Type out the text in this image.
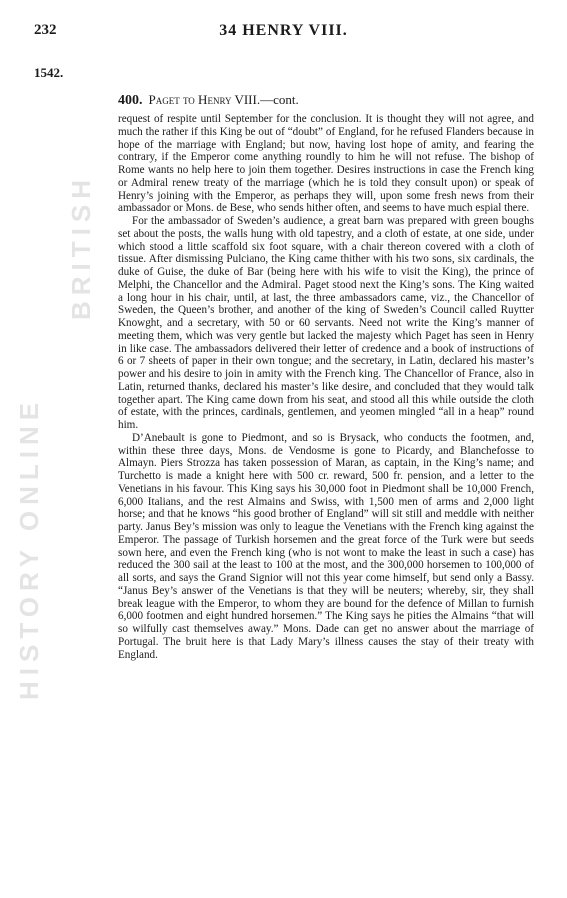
BRITISH
HISTORY ONLINE
232	34 HENRY VIII.
1542.
400. Paget to Henry VIII.—cont.

request of respite until September for the conclusion. It is thought they will not agree, and much the rather if this King be out of “doubt” of England, for he refused Flanders because in hope of the marriage with England; but now, having lost hope of amity, and fearing the contrary, if the Emperor come anything roundly to him he will not refuse. The bishop of Rome wants no help here to join them together. Desires instructions in case the French king or Admiral renew treaty of the marriage (which he is told they consult upon) or speak of Henry’s joining with the Emperor, as perhaps they will, upon some fresh news from their ambassador or Mons. de Bese, who sends hither often, and seems to have much espial there.

For the ambassador of Sweden’s audience, a great barn was prepared with green boughs set about the posts, the walls hung with old tapestry, and a cloth of estate, at one side, under which stood a little scaffold six foot square, with a chair thereon covered with a cloth of tissue. After dismissing Pulciano, the King came thither with his two sons, six cardinals, the duke of Guise, the duke of Bar (being here with his wife to visit the King), the prince of Melphi, the Chancellor and the Admiral. Paget stood next the King’s sons. The King waited a long hour in his chair, until, at last, the three ambassadors came, viz., the Chancellor of Sweden, the Queen’s brother, and another of the king of Sweden’s Council called Ruytter Knowght, and a secretary, with 50 or 60 servants. Need not write the King’s manner of meeting them, which was very gentle but lacked the majesty which Paget has seen in Henry in like case. The ambassadors delivered their letter of credence and a book of instructions of 6 or 7 sheets of paper in their own tongue; and the secretary, in Latin, declared his master’s power and his desire to join in amity with the French king. The Chancellor of France, also in Latin, returned thanks, declared his master’s like desire, and concluded that they would talk together apart. The King came down from his seat, and stood all this while outside the cloth of estate, with the princes, cardinals, gentlemen, and yeomen mingled “all in a heap” round him.

D’Anebault is gone to Piedmont, and so is Brysack, who conducts the footmen, and, within these three days, Mons. de Vendosme is gone to Picardy, and Blanchefosse to Almayn. Piers Strozza has taken possession of Maran, as captain, in the King’s name; and Turchetto is made a knight here with 500 cr. reward, 500 fr. pension, and a letter to the Venetians in his favour. This King says his 30,000 foot in Piedmont shall be 10,000 French, 6,000 Italians, and the rest Almains and Swiss, with 1,500 men of arms and 2,000 light horse; and that he knows “his good brother of England” will sit still and meddle with neither party. Janus Bey’s mission was only to league the Venetians with the French king against the Emperor. The passage of Turkish horsemen and the great force of the Turk were but seeds sown here, and even the French king (who is not wont to make the least in such a case) has reduced the 300 sail at the least to 100 at the most, and the 300,000 horsemen to 100,000 of all sorts, and says the Grand Signior will not this year come himself, but send only a Bassy. “Janus Bey’s answer of the Venetians is that they will be neuters; whereby, sir, they shall break league with the Emperor, to whom they are bound for the defence of Millan to furnish 6,000 footmen and eight hundred horsemen.” The King says he pities the Almains “that will so wilfully cast themselves away.” Mons. Dade can get no answer about the marriage of Portugal. The bruit here is that Lady Mary’s illness causes the stay of their treaty with England.
